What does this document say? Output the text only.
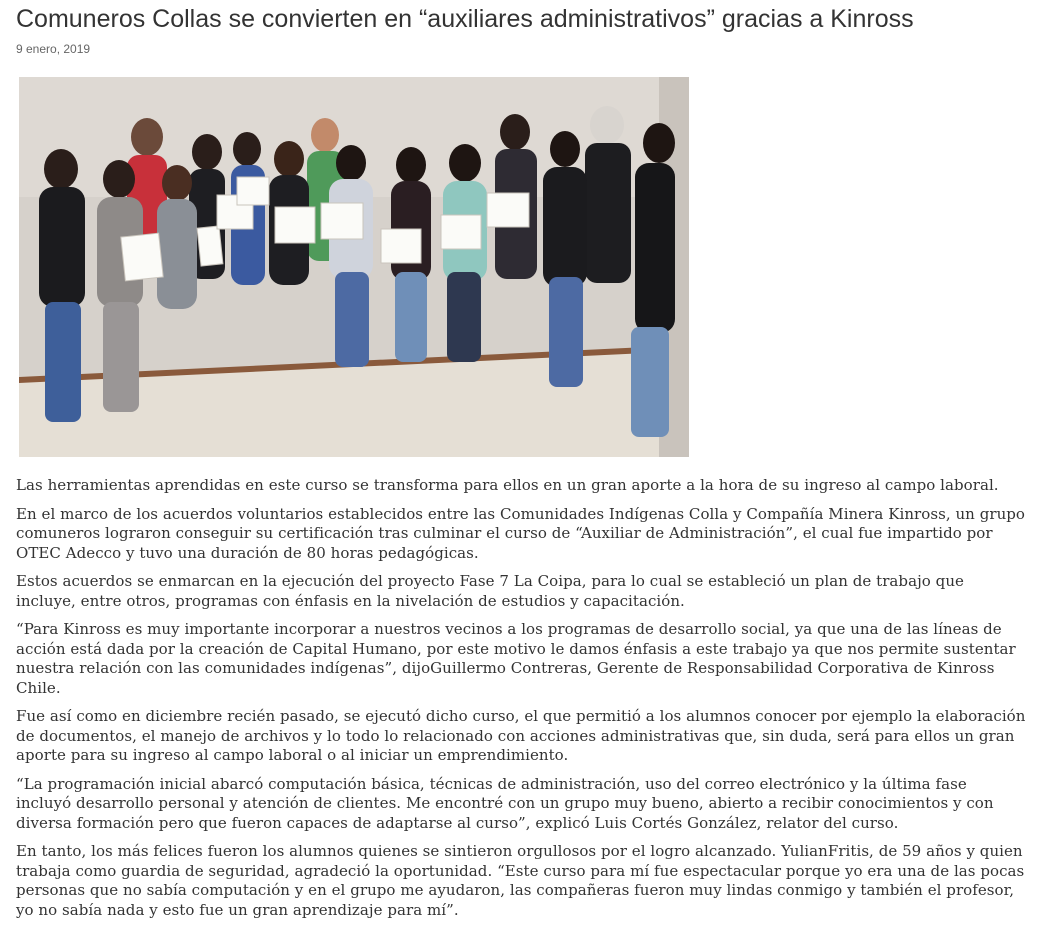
Comuneros Collas se convierten en “auxiliares administrativos” gracias a Kinross
9 enero, 2019

Las herramientas aprendidas en este curso se transforma para ellos en un gran aporte a la hora de su ingreso al campo laboral.

En el marco de los acuerdos voluntarios establecidos entre las Comunidades Indígenas Colla y Compañía Minera Kinross, un grupo comuneros lograron conseguir su certificación tras culminar el curso de “Auxiliar de Administración”, el cual fue impartido por OTEC Adecco y tuvo una duración de 80 horas pedagógicas.

Estos acuerdos se enmarcan en la ejecución del proyecto Fase 7 La Coipa, para lo cual se estableció un plan de trabajo que incluye, entre otros, programas con énfasis en la nivelación de estudios y capacitación.

“Para Kinross es muy importante incorporar a nuestros vecinos a los programas de desarrollo social, ya que una de las líneas de acción está dada por la creación de Capital Humano, por este motivo le damos énfasis a este trabajo ya que nos permite sustentar nuestra relación con las comunidades indígenas”, dijoGuillermo Contreras, Gerente de Responsabilidad Corporativa de Kinross Chile.

Fue así como en diciembre recién pasado, se ejecutó dicho curso, el que permitió a los alumnos conocer por ejemplo la elaboración de documentos, el manejo de archivos y lo todo lo relacionado con acciones administrativas que, sin duda, será para ellos un gran aporte para su ingreso al campo laboral o al iniciar un emprendimiento.

“La programación inicial abarcó computación básica, técnicas de administración, uso del correo electrónico y la última fase incluyó desarrollo personal y atención de clientes. Me encontré con un grupo muy bueno, abierto a recibir conocimientos y con diversa formación pero que fueron capaces de adaptarse al curso”, explicó Luis Cortés González, relator del curso.

En tanto, los más felices fueron los alumnos quienes se sintieron orgullosos por el logro alcanzado. YulianFritis, de 59 años y quien trabaja como guardia de seguridad, agradeció la oportunidad. “Este curso para mí fue espectacular porque yo era una de las pocas personas que no sabía computación y en el grupo me ayudaron, las compañeras fueron muy lindas conmigo y también el profesor, yo no sabía nada y esto fue un gran aprendizaje para mí”.
